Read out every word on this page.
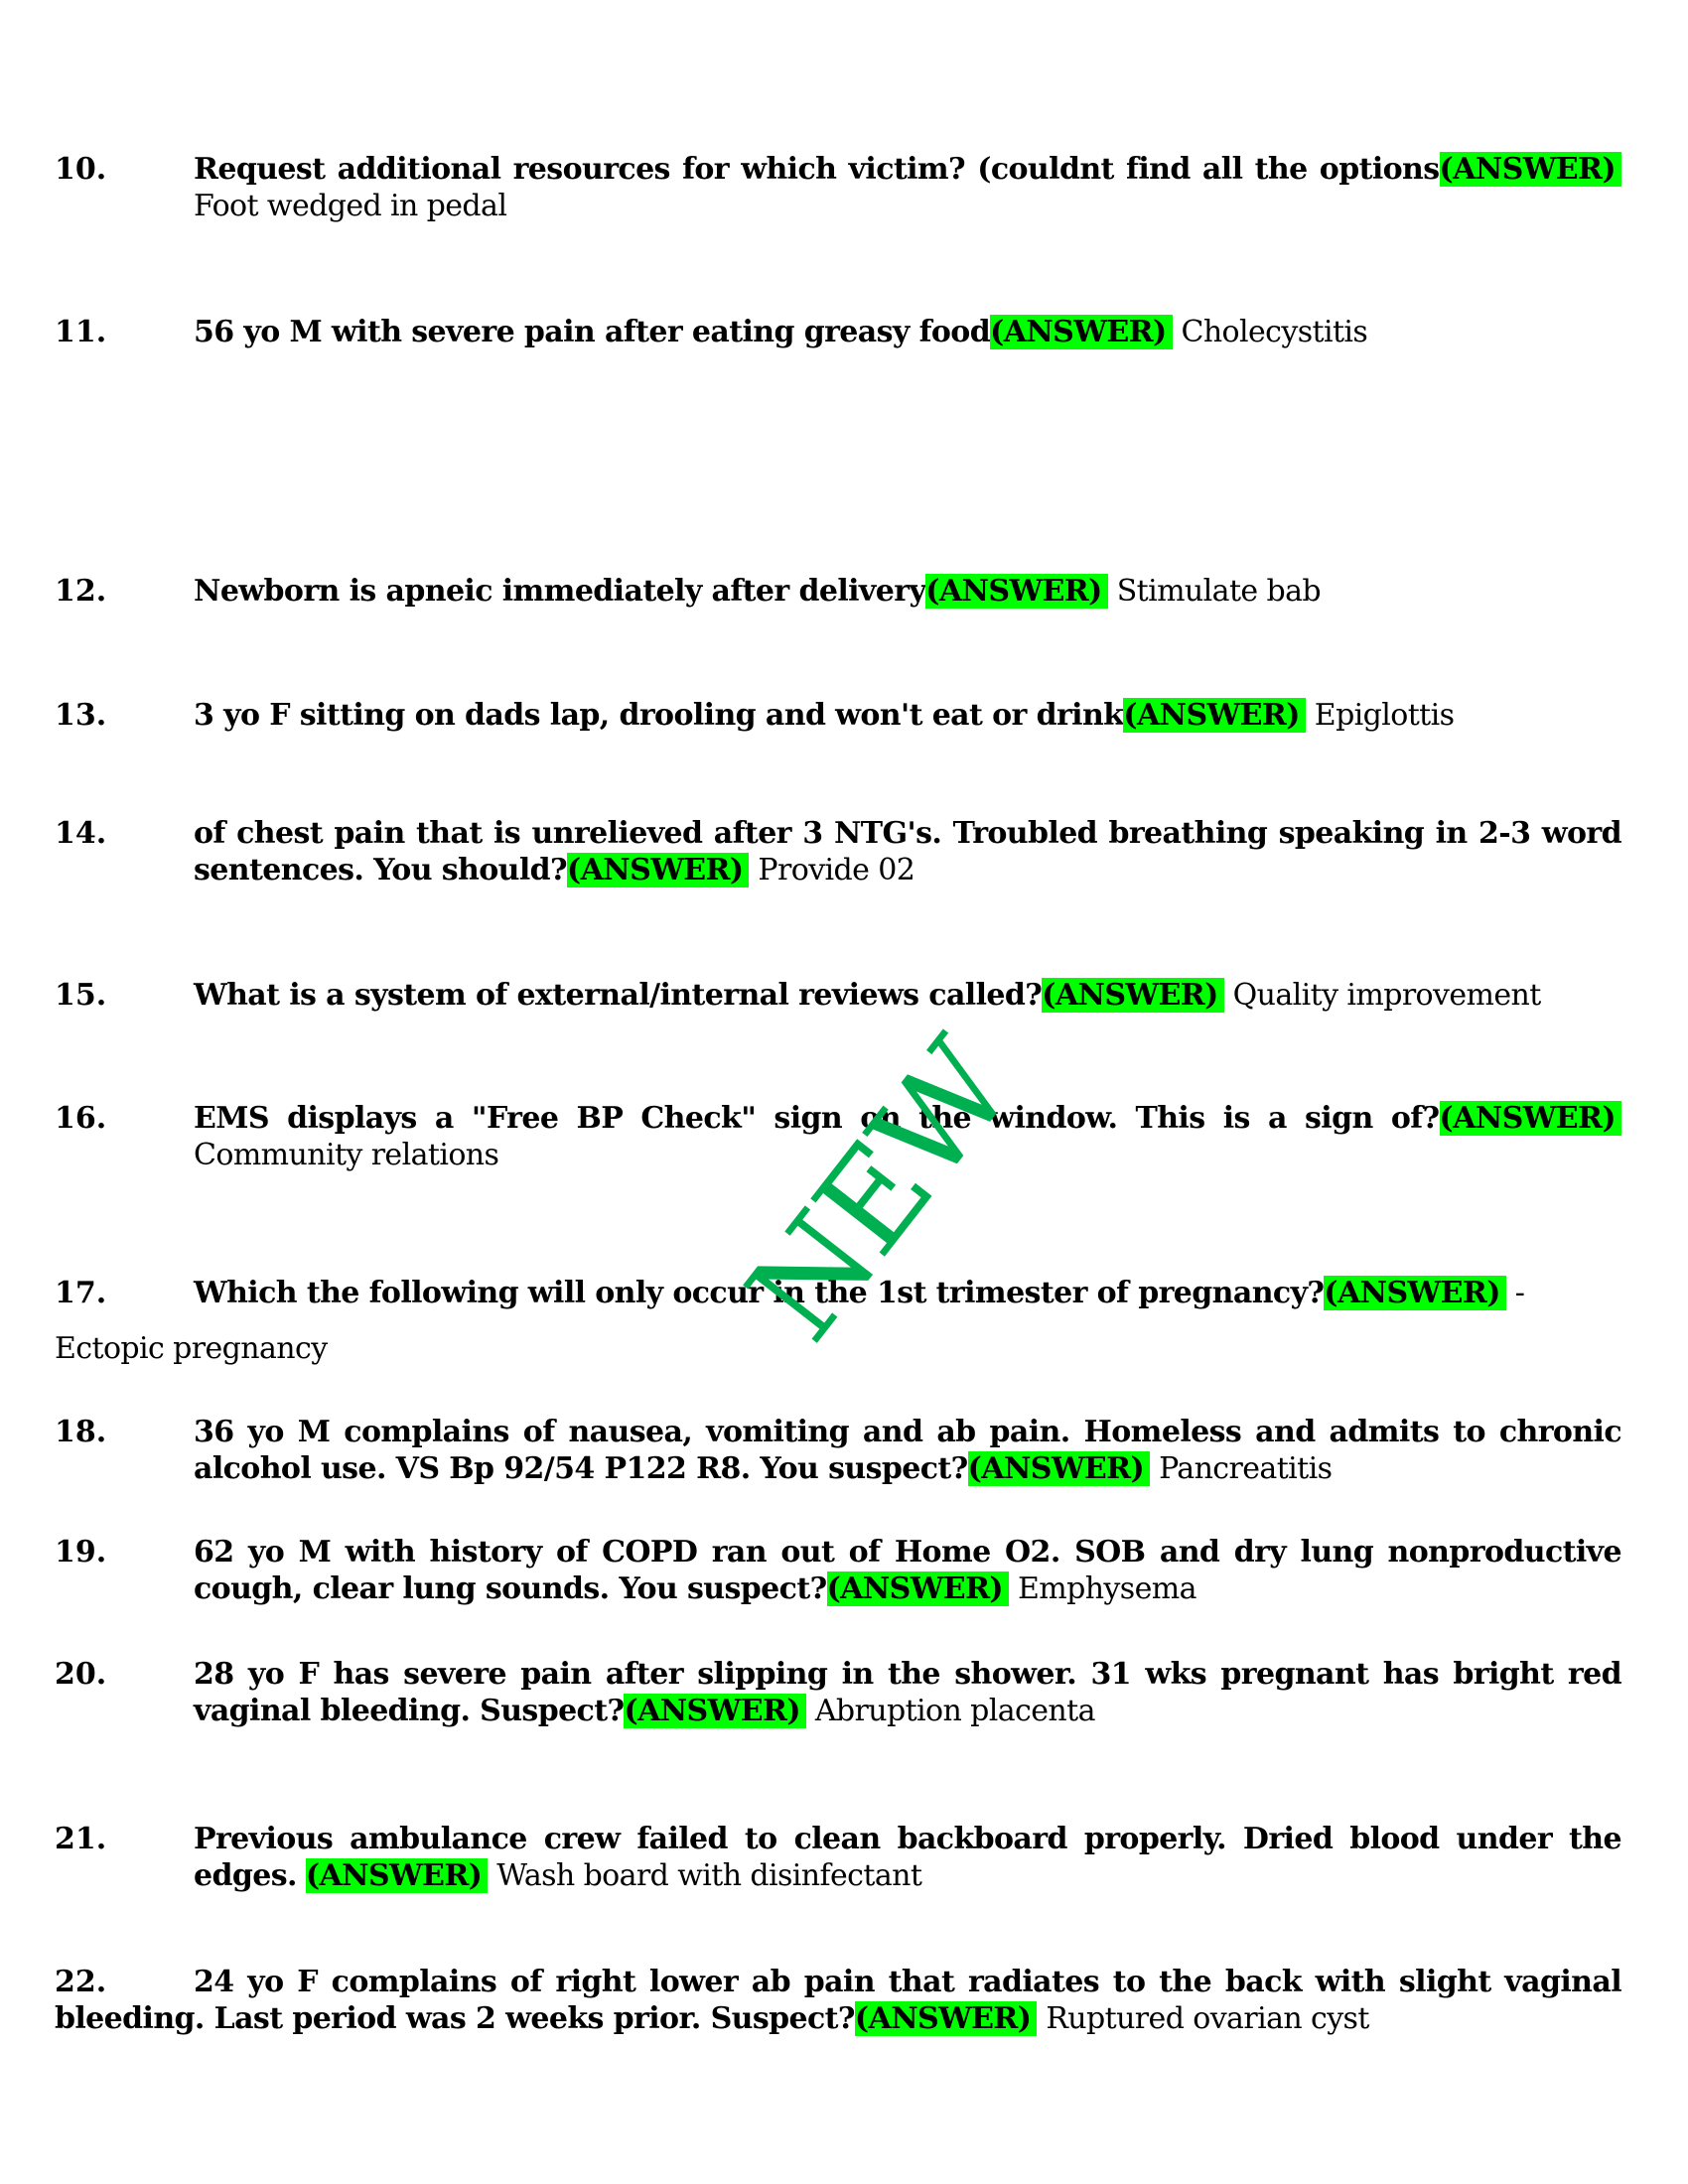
10.	Request additional resources for which victim? (couldnt find all the options(ANSWER) Foot wedged in pedal
11.	56 yo M with severe pain after eating greasy food(ANSWER) Cholecystitis
12.	Newborn is apneic immediately after delivery(ANSWER) Stimulate bab
13.	3 yo F sitting on dads lap, drooling and won't eat or drink(ANSWER) Epiglottis
14.	of chest pain that is unrelieved after 3 NTG's. Troubled breathing speaking in 2-3 word sentences. You should?(ANSWER) Provide 02
15.	What is a system of external/internal reviews called?(ANSWER) Quality improvement
16.	EMS displays a "Free BP Check" sign on the window. This is a sign of?(ANSWER) Community relations
17.	Which the following will only occur in the 1st trimester of pregnancy?(ANSWER) -
Ectopic pregnancy
18.	36 yo M complains of nausea, vomiting and ab pain. Homeless and admits to chronic alcohol use. VS Bp 92/54 P122 R8. You suspect?(ANSWER) Pancreatitis
19.	62 yo M with history of COPD ran out of Home O2. SOB and dry lung nonproductive cough, clear lung sounds. You suspect?(ANSWER) Emphysema
20.	28 yo F has severe pain after slipping in the shower. 31 wks pregnant has bright red vaginal bleeding. Suspect?(ANSWER) Abruption placenta
21.	Previous ambulance crew failed to clean backboard properly. Dried blood under the edges. (ANSWER) Wash board with disinfectant
22.	24 yo F complains of right lower ab pain that radiates to the back with slight vaginal bleeding. Last period was 2 weeks prior. Suspect?(ANSWER) Ruptured ovarian cyst
NEW
